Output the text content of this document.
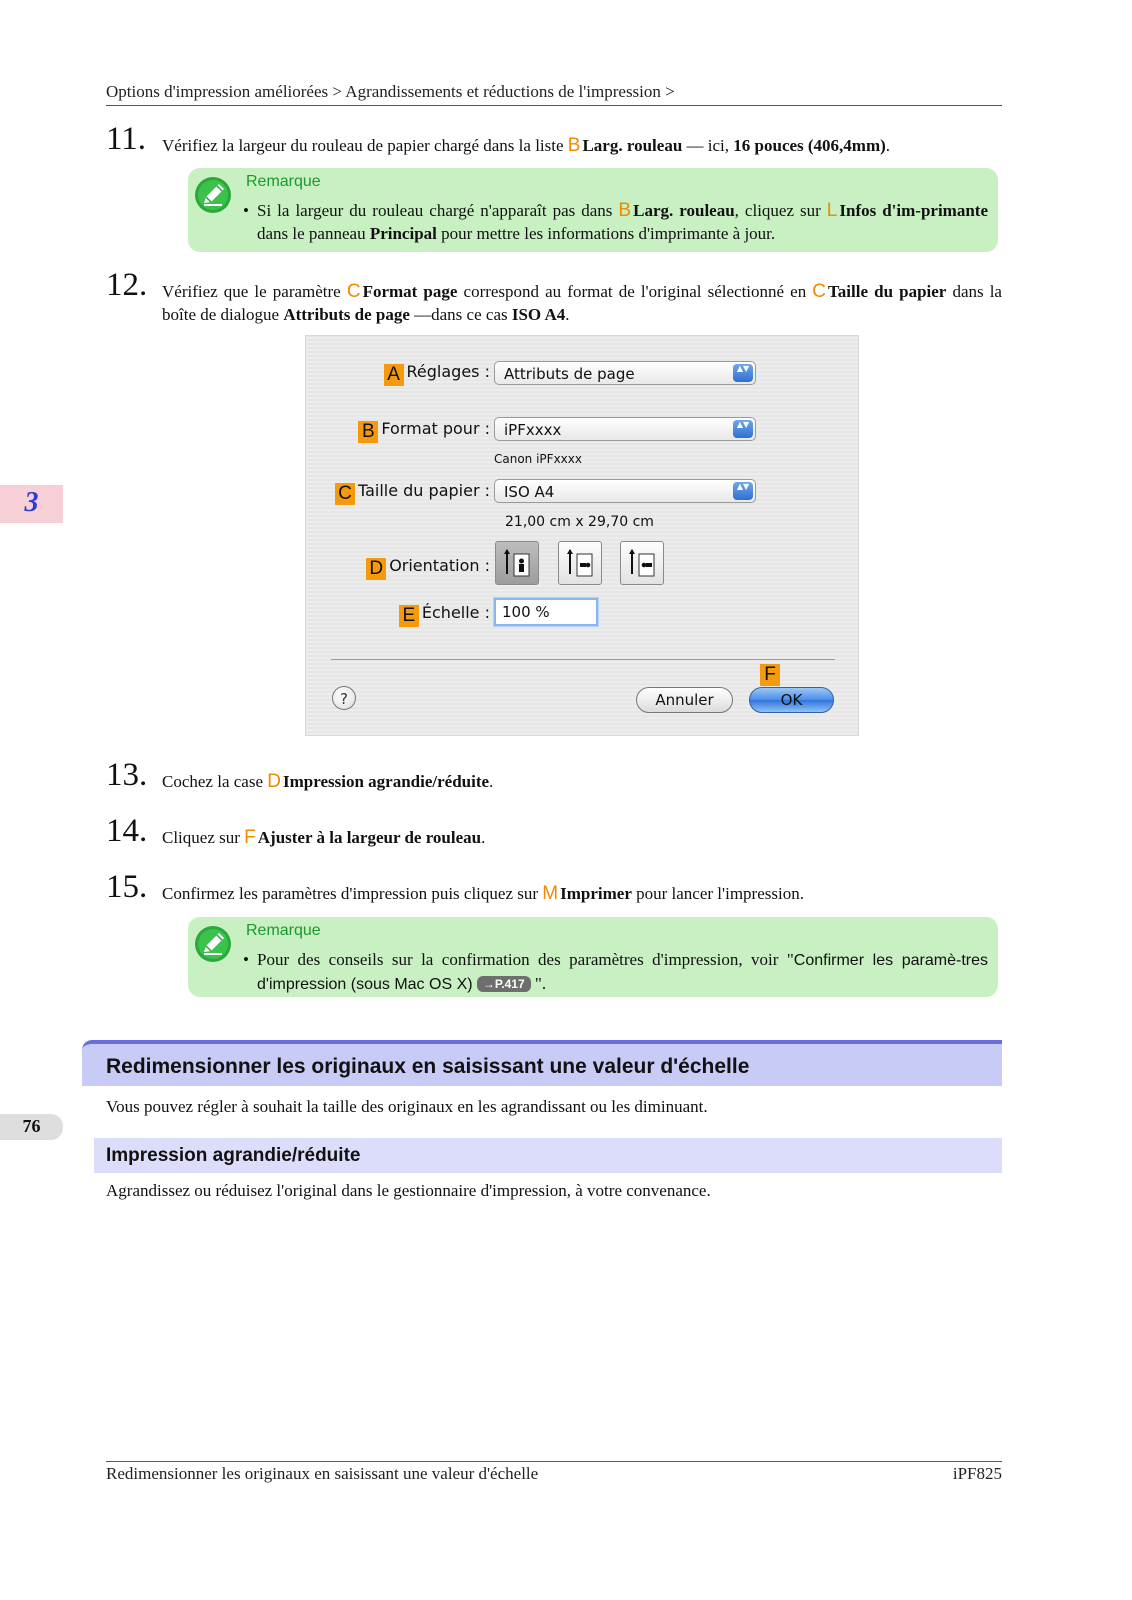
Options d'impression améliorées > Agrandissements et réductions de l'impression >
3
76
11. Vérifiez la largeur du rouleau de papier chargé dans la liste B Larg. rouleau — ici, 16 pouces (406,4mm).
Remarque
• Si la largeur du rouleau chargé n'apparaît pas dans B Larg. rouleau, cliquez sur L Infos d'im-primante dans le panneau Principal pour mettre les informations d'imprimante à jour.
12. Vérifiez que le paramètre C Format page correspond au format de l'original sélectionné en C Taille du papier dans la boîte de dialogue Attributs de page —dans ce cas ISO A4.
A Réglages : Attributs de page	▲▼
B Format pour : iPFxxxx	▲▼
Canon iPFxxxx
C Taille du papier : ISO A4	▲▼
21,00 cm x 29,70 cm
D Orientation :
E Échelle : 100 %
?
F
Annuler	OK
13. Cochez la case D Impression agrandie/réduite.
14. Cliquez sur F Ajuster à la largeur de rouleau.
15. Confirmez les paramètres d'impression puis cliquez sur M Imprimer pour lancer l'impression.
Remarque
• Pour des conseils sur la confirmation des paramètres d'impression, voir "Confirmer les paramè-tres d'impression (sous Mac OS X) →P.417 ".
Redimensionner les originaux en saisissant une valeur d'échelle
Vous pouvez régler à souhait la taille des originaux en les agrandissant ou les diminuant.
Impression agrandie/réduite
Agrandissez ou réduisez l'original dans le gestionnaire d'impression, à votre convenance.
Redimensionner les originaux en saisissant une valeur d'échelle	iPF825
